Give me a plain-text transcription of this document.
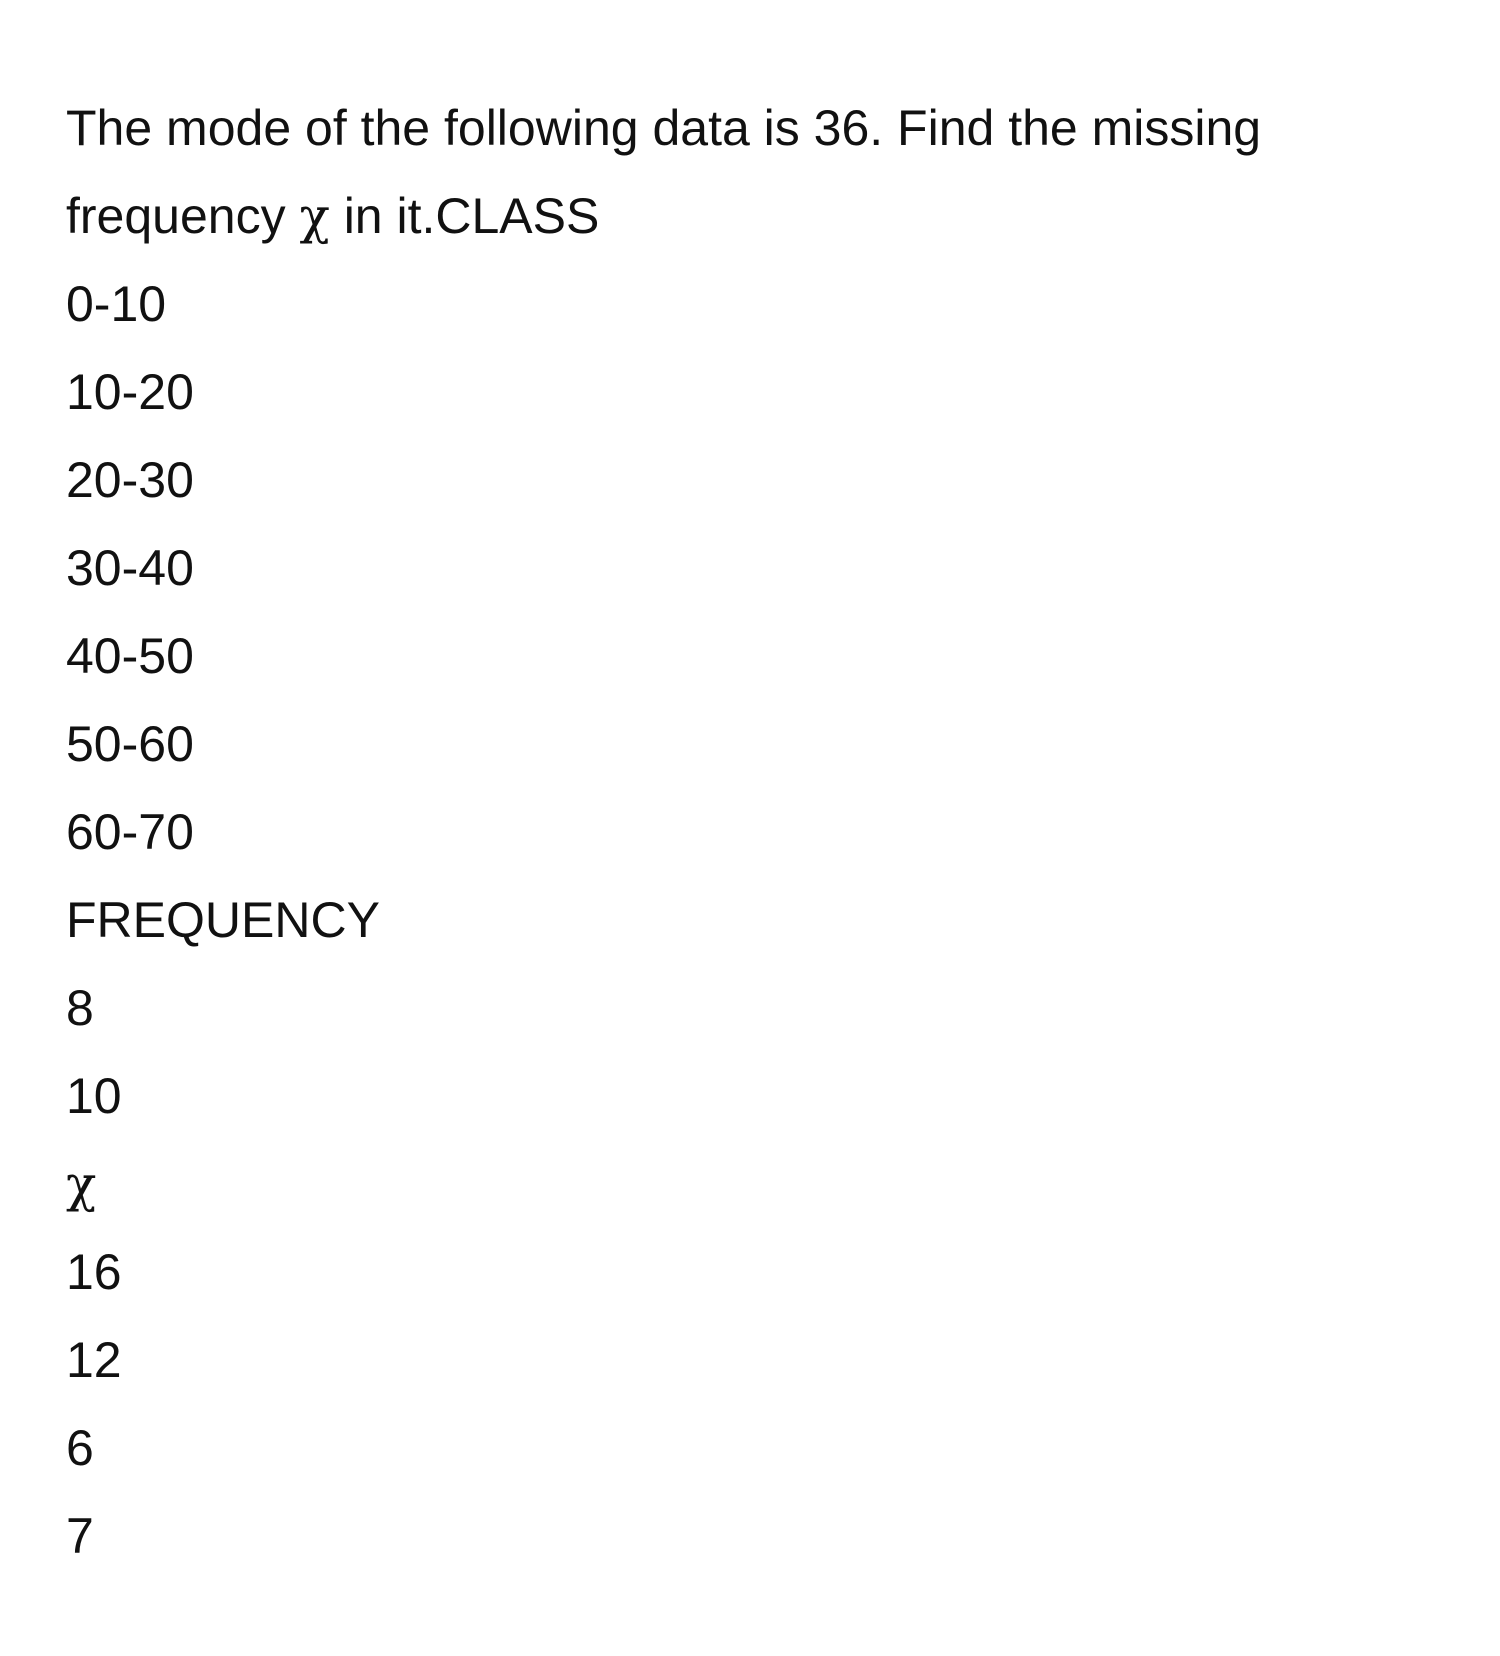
The mode of the following data is 36. Find the missing frequency χ in it.CLASS

0-10
10-20
20-30
30-40
40-50
50-60
60-70
FREQUENCY
8
10
χ
16
12
6
7
